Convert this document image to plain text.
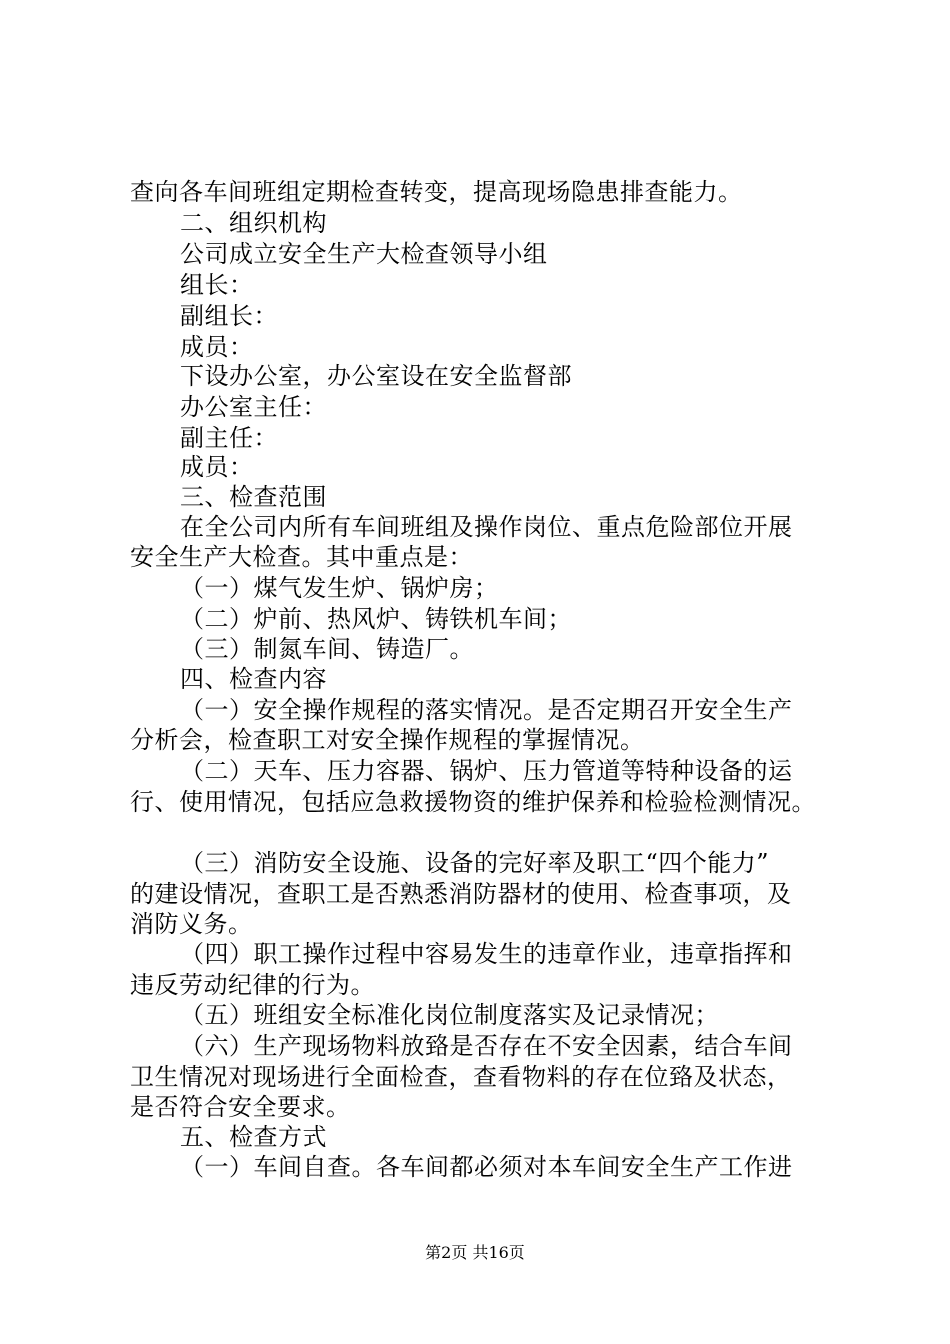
查向各车间班组定期检查转变，提高现场隐患排查能力。
二、组织机构
公司成立安全生产大检查领导小组
组长：
副组长：
成员：
下设办公室，办公室设在安全监督部
办公室主任：
副主任：
成员：
三、检查范围
在全公司内所有车间班组及操作岗位、重点危险部位开展
安全生产大检查。其中重点是：
（一）煤气发生炉、锅炉房；
（二）炉前、热风炉、铸铁机车间；
（三）制氮车间、铸造厂。
四、检查内容
（一）安全操作规程的落实情况。是否定期召开安全生产
分析会，检查职工对安全操作规程的掌握情况。
（二）天车、压力容器、锅炉、压力管道等特种设备的运
行、使用情况，包括应急救援物资的维护保养和检验检测情况。
（三）消防安全设施、设备的完好率及职工“四个能力”
的建设情况，查职工是否熟悉消防器材的使用、检查事项，及
消防义务。
（四）职工操作过程中容易发生的违章作业，违章指挥和
违反劳动纪律的行为。
（五）班组安全标准化岗位制度落实及记录情况；
（六）生产现场物料放臵是否存在不安全因素，结合车间
卫生情况对现场进行全面检查，查看物料的存在位臵及状态，
是否符合安全要求。
五、检查方式
（一）车间自查。各车间都必须对本车间安全生产工作进
第2页 共16页
